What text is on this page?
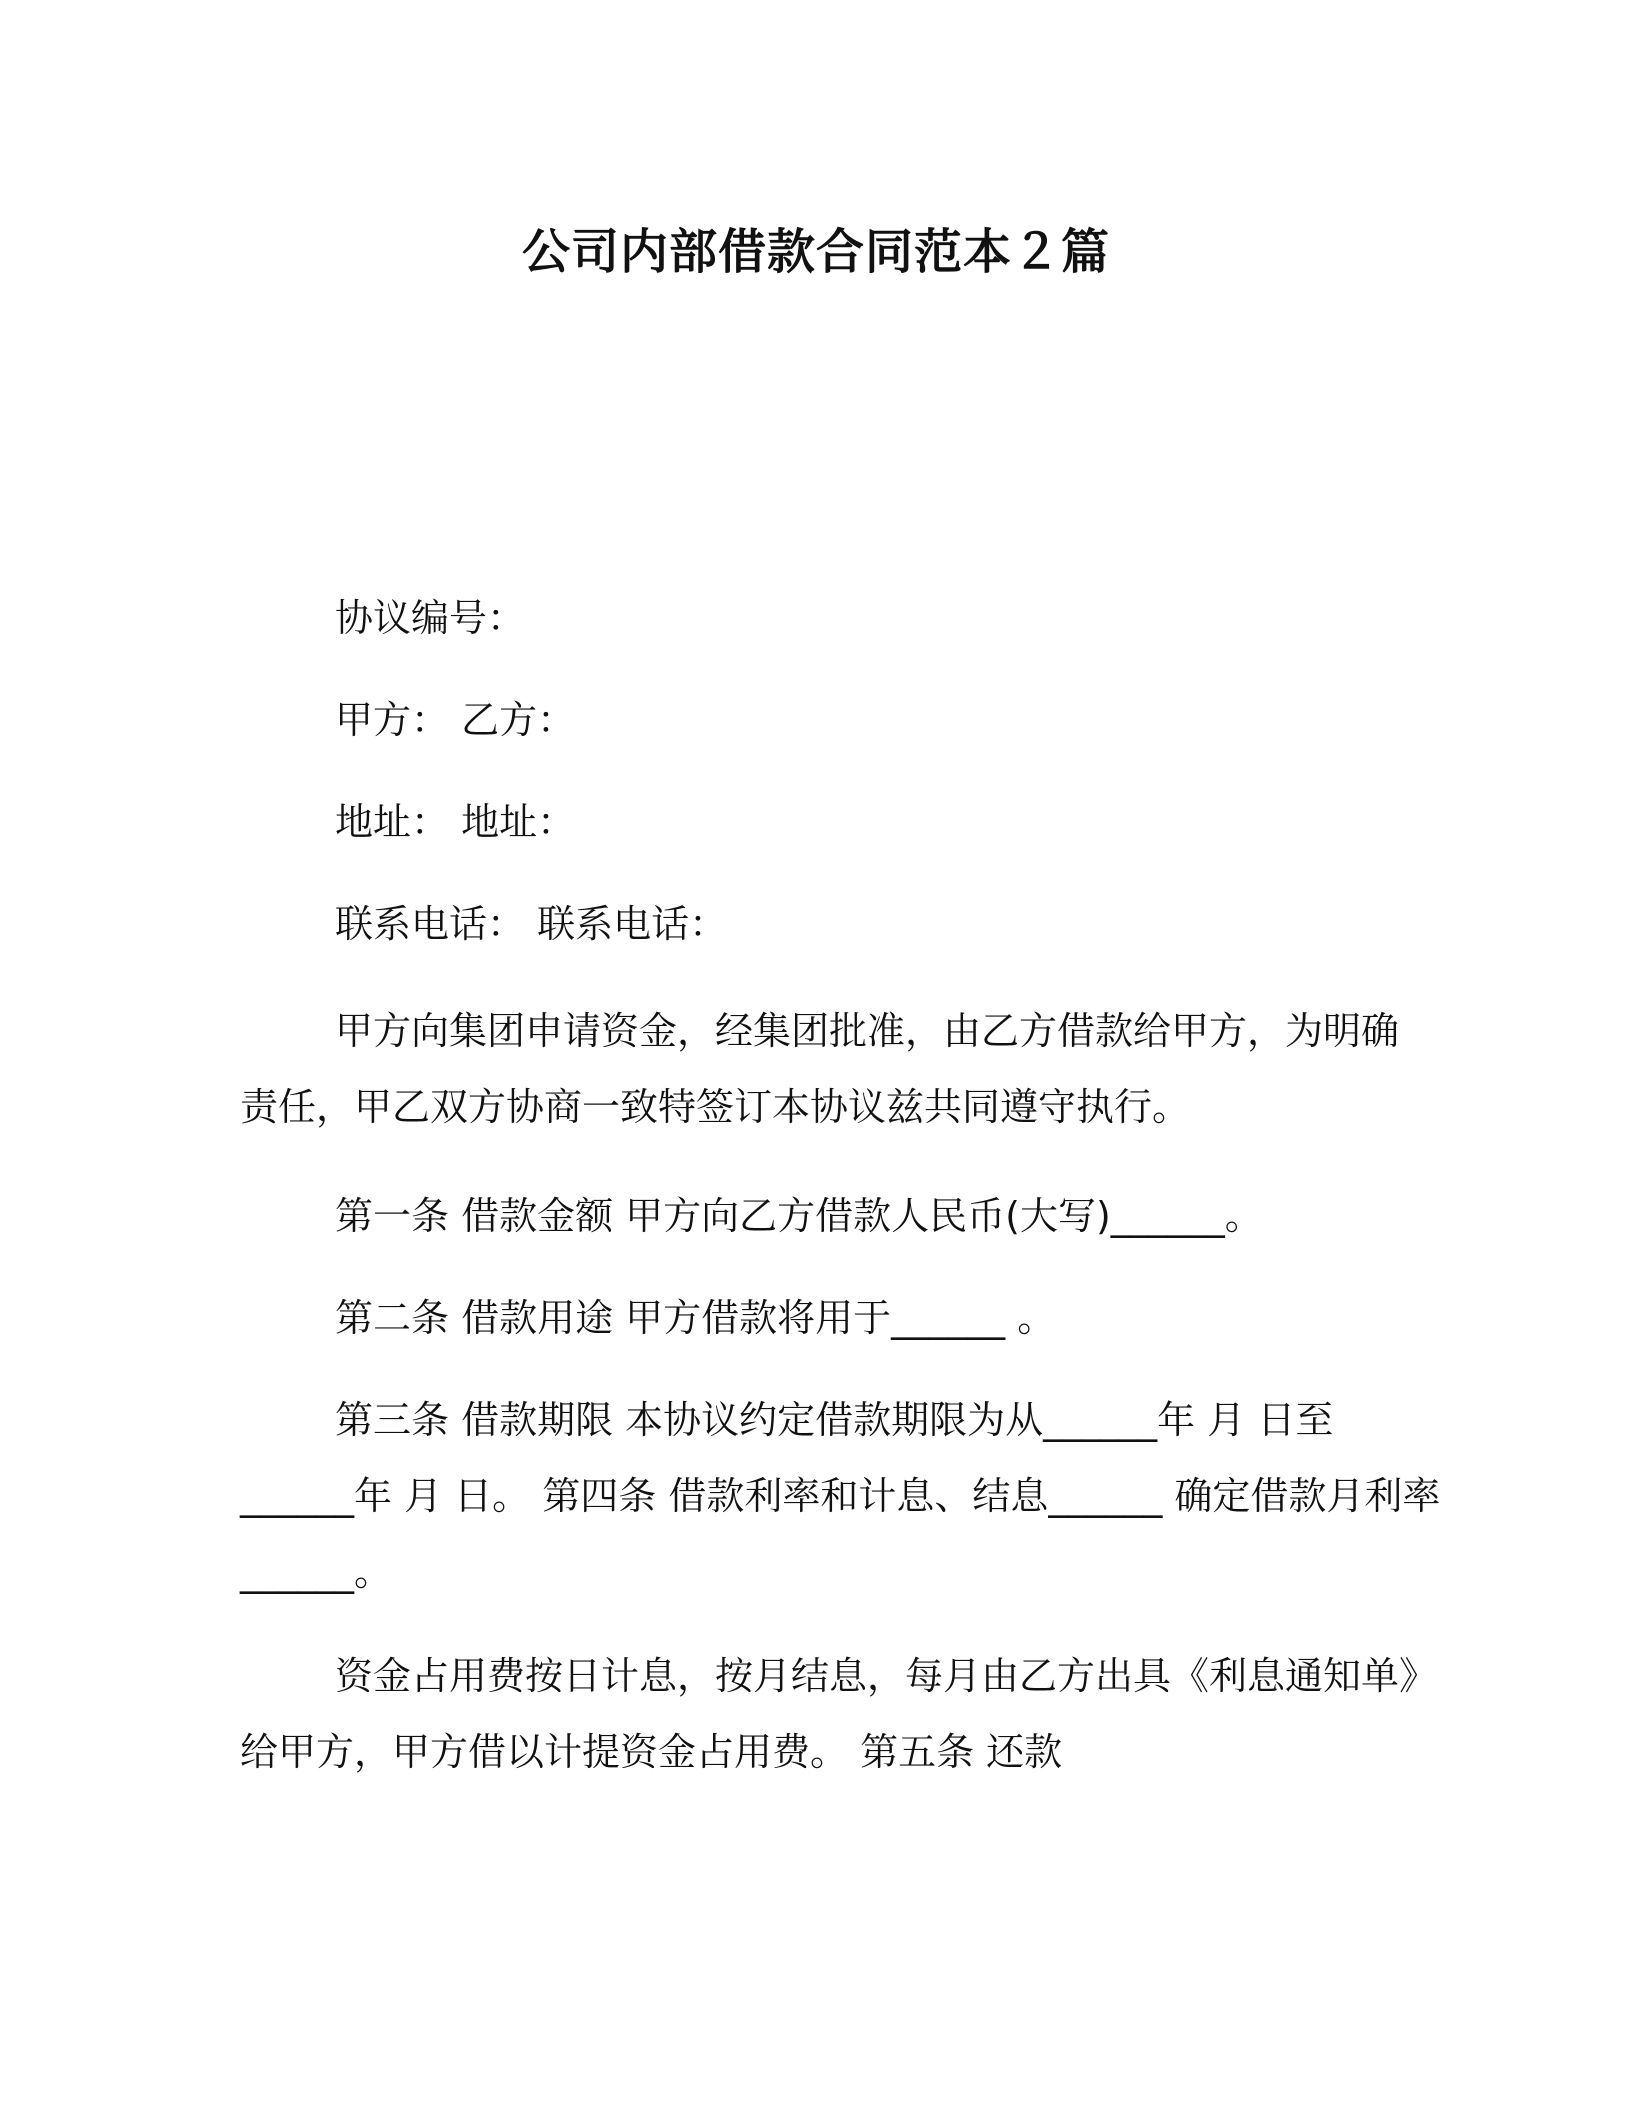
公司内部借款合同范本２篇

协议编号：

甲方： 乙方：

地址： 地址：

联系电话： 联系电话：

甲方向集团申请资金，经集团批准，由乙方借款给甲方，为明确
责任，甲乙双方协商一致特签订本协议兹共同遵守执行。

第一条 借款金额 甲方向乙方借款人民币(大写)______。

第二条 借款用途 甲方借款将用于______ 。

第三条 借款期限 本协议约定借款期限为从______年 月 日至
______年 月 日。 第四条 借款利率和计息、结息______ 确定借款月利率
______。
资金占用费按日计息，按月结息，每月由乙方出具《利息通知单》
给甲方，甲方借以计提资金占用费。 第五条 还款
